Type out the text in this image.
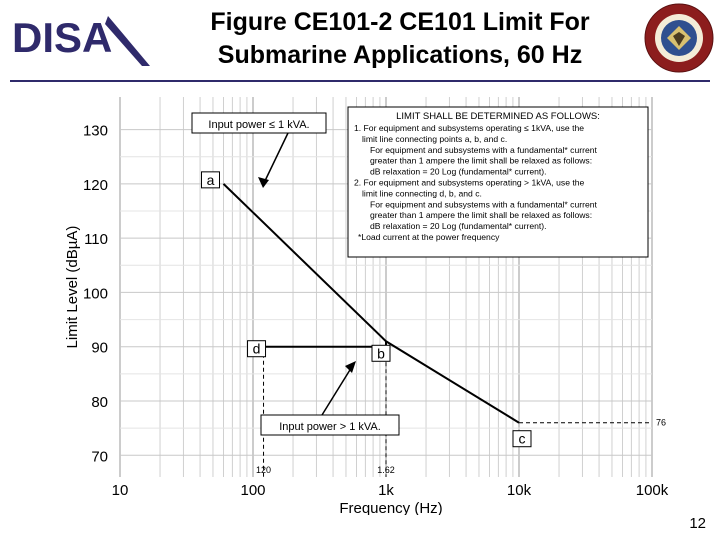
DISA	Figure CE101-2 CE101 Limit For
Submarine Applications, 60 Hz
70
80
90
100
110
120
130
10	100	1k	10k	100k
Frequency (Hz)
Limit Level (dBµA)
120	1.62
76
a
b
c
d
Input power ≤ 1 kVA.
Input power > 1 kVA.
LIMIT SHALL BE DETERMINED AS FOLLOWS:
1. For equipment and subsystems operating ≤ 1kVA, use the
limit line connecting points a, b, and c.
For equipment and subsystems with a fundamental* current
greater than 1 ampere the limit shall be relaxed as follows:
dB relaxation = 20 Log (fundamental* current).
2. For equipment and subsystems operating > 1kVA, use the
limit line connecting d, b, and c.
For equipment and subsystems with a fundamental* current
greater than 1 ampere the limit shall be relaxed as follows:
dB relaxation = 20 Log (fundamental* current).
*Load current at the power frequency
12
